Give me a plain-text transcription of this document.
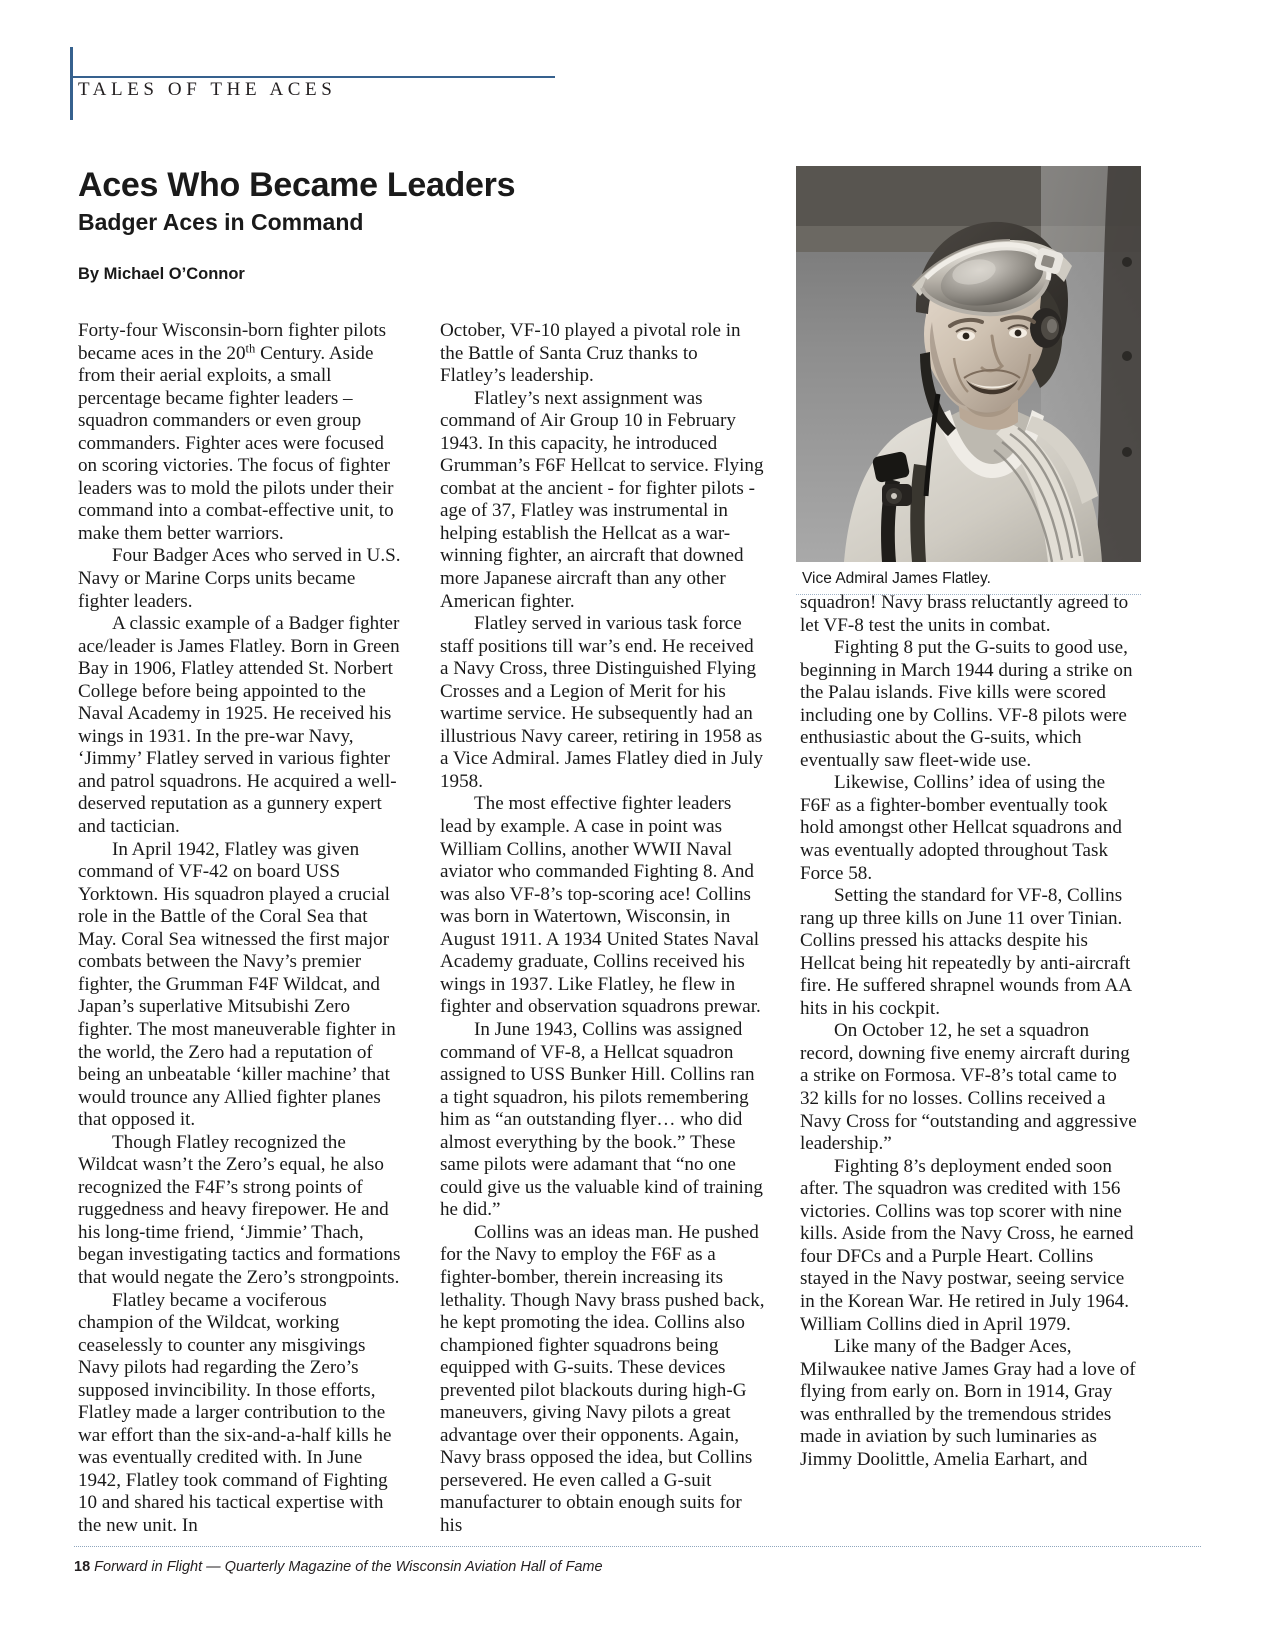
TALES OF THE ACES
Aces Who Became Leaders
Badger Aces in Command
By Michael O’Connor
Vice Admiral James Flatley.

Forty-four Wisconsin-born fighter pilots became aces in the 20th Century. Aside from their aerial exploits, a small percentage became fighter leaders – squadron commanders or even group commanders. Fighter aces were focused on scoring victories. The focus of fighter leaders was to mold the pilots under their command into a combat-effective unit, to make them better warriors.

Four Badger Aces who served in U.S. Navy or Marine Corps units became fighter leaders.

A classic example of a Badger fighter ace/leader is James Flatley. Born in Green Bay in 1906, Flatley attended St. Norbert College before being appointed to the Naval Academy in 1925. He received his wings in 1931. In the pre-war Navy, ‘Jimmy’ Flatley served in various fighter and patrol squadrons. He acquired a well-deserved reputation as a gunnery expert and tactician.

In April 1942, Flatley was given command of VF-42 on board USS Yorktown. His squadron played a crucial role in the Battle of the Coral Sea that May. Coral Sea witnessed the first major combats between the Navy’s premier fighter, the Grumman F4F Wildcat, and Japan’s superlative Mitsubishi Zero fighter. The most maneuverable fighter in the world, the Zero had a reputation of being an unbeatable ‘killer machine’ that would trounce any Allied fighter planes that opposed it.

Though Flatley recognized the Wildcat wasn’t the Zero’s equal, he also recognized the F4F’s strong points of ruggedness and heavy firepower. He and his long-time friend, ‘Jimmie’ Thach, began investigating tactics and formations that would negate the Zero’s strongpoints.

Flatley became a vociferous champion of the Wildcat, working ceaselessly to counter any misgivings Navy pilots had regarding the Zero’s supposed invincibility. In those efforts, Flatley made a larger contribution to the war effort than the six-and-a-half kills he was eventually credited with. In June 1942, Flatley took command of Fighting 10 and shared his tactical expertise with the new unit. In

October, VF-10 played a pivotal role in the Battle of Santa Cruz thanks to Flatley’s leadership.

Flatley’s next assignment was command of Air Group 10 in February 1943. In this capacity, he introduced Grumman’s F6F Hellcat to service. Flying combat at the ancient - for fighter pilots - age of 37, Flatley was instrumental in helping establish the Hellcat as a war-winning fighter, an aircraft that downed more Japanese aircraft than any other American fighter.

Flatley served in various task force staff positions till war’s end. He received a Navy Cross, three Distinguished Flying Crosses and a Legion of Merit for his wartime service. He subsequently had an illustrious Navy career, retiring in 1958 as a Vice Admiral. James Flatley died in July 1958.

The most effective fighter leaders lead by example. A case in point was William Collins, another WWII Naval aviator who commanded Fighting 8. And was also VF-8’s top-scoring ace! Collins was born in Watertown, Wisconsin, in August 1911. A 1934 United States Naval Academy graduate, Collins received his wings in 1937. Like Flatley, he flew in fighter and observation squadrons prewar.

In June 1943, Collins was assigned command of VF-8, a Hellcat squadron assigned to USS Bunker Hill. Collins ran a tight squadron, his pilots remembering him as “an outstanding flyer… who did almost everything by the book.” These same pilots were adamant that “no one could give us the valuable kind of training he did.”

Collins was an ideas man. He pushed for the Navy to employ the F6F as a fighter-bomber, therein increasing its lethality. Though Navy brass pushed back, he kept promoting the idea. Collins also championed fighter squadrons being equipped with G-suits. These devices prevented pilot blackouts during high-G maneuvers, giving Navy pilots a great advantage over their opponents. Again, Navy brass opposed the idea, but Collins persevered. He even called a G-suit manufacturer to obtain enough suits for his

squadron! Navy brass reluctantly agreed to let VF-8 test the units in combat.

Fighting 8 put the G-suits to good use, beginning in March 1944 during a strike on the Palau islands. Five kills were scored including one by Collins. VF-8 pilots were enthusiastic about the G-suits, which eventually saw fleet-wide use.

Likewise, Collins’ idea of using the F6F as a fighter-bomber eventually took hold amongst other Hellcat squadrons and was eventually adopted throughout Task Force 58.

Setting the standard for VF-8, Collins rang up three kills on June 11 over Tinian. Collins pressed his attacks despite his Hellcat being hit repeatedly by anti-aircraft fire. He suffered shrapnel wounds from AA hits in his cockpit.

On October 12, he set a squadron record, downing five enemy aircraft during a strike on Formosa. VF-8’s total came to 32 kills for no losses. Collins received a Navy Cross for “outstanding and aggressive leadership.”

Fighting 8’s deployment ended soon after. The squadron was credited with 156 victories. Collins was top scorer with nine kills. Aside from the Navy Cross, he earned four DFCs and a Purple Heart. Collins stayed in the Navy postwar, seeing service in the Korean War. He retired in July 1964. William Collins died in April 1979.

Like many of the Badger Aces, Milwaukee native James Gray had a love of flying from early on. Born in 1914, Gray was enthralled by the tremendous strides made in aviation by such luminaries as Jimmy Doolittle, Amelia Earhart, and

18 Forward in Flight — Quarterly Magazine of the Wisconsin Aviation Hall of Fame
